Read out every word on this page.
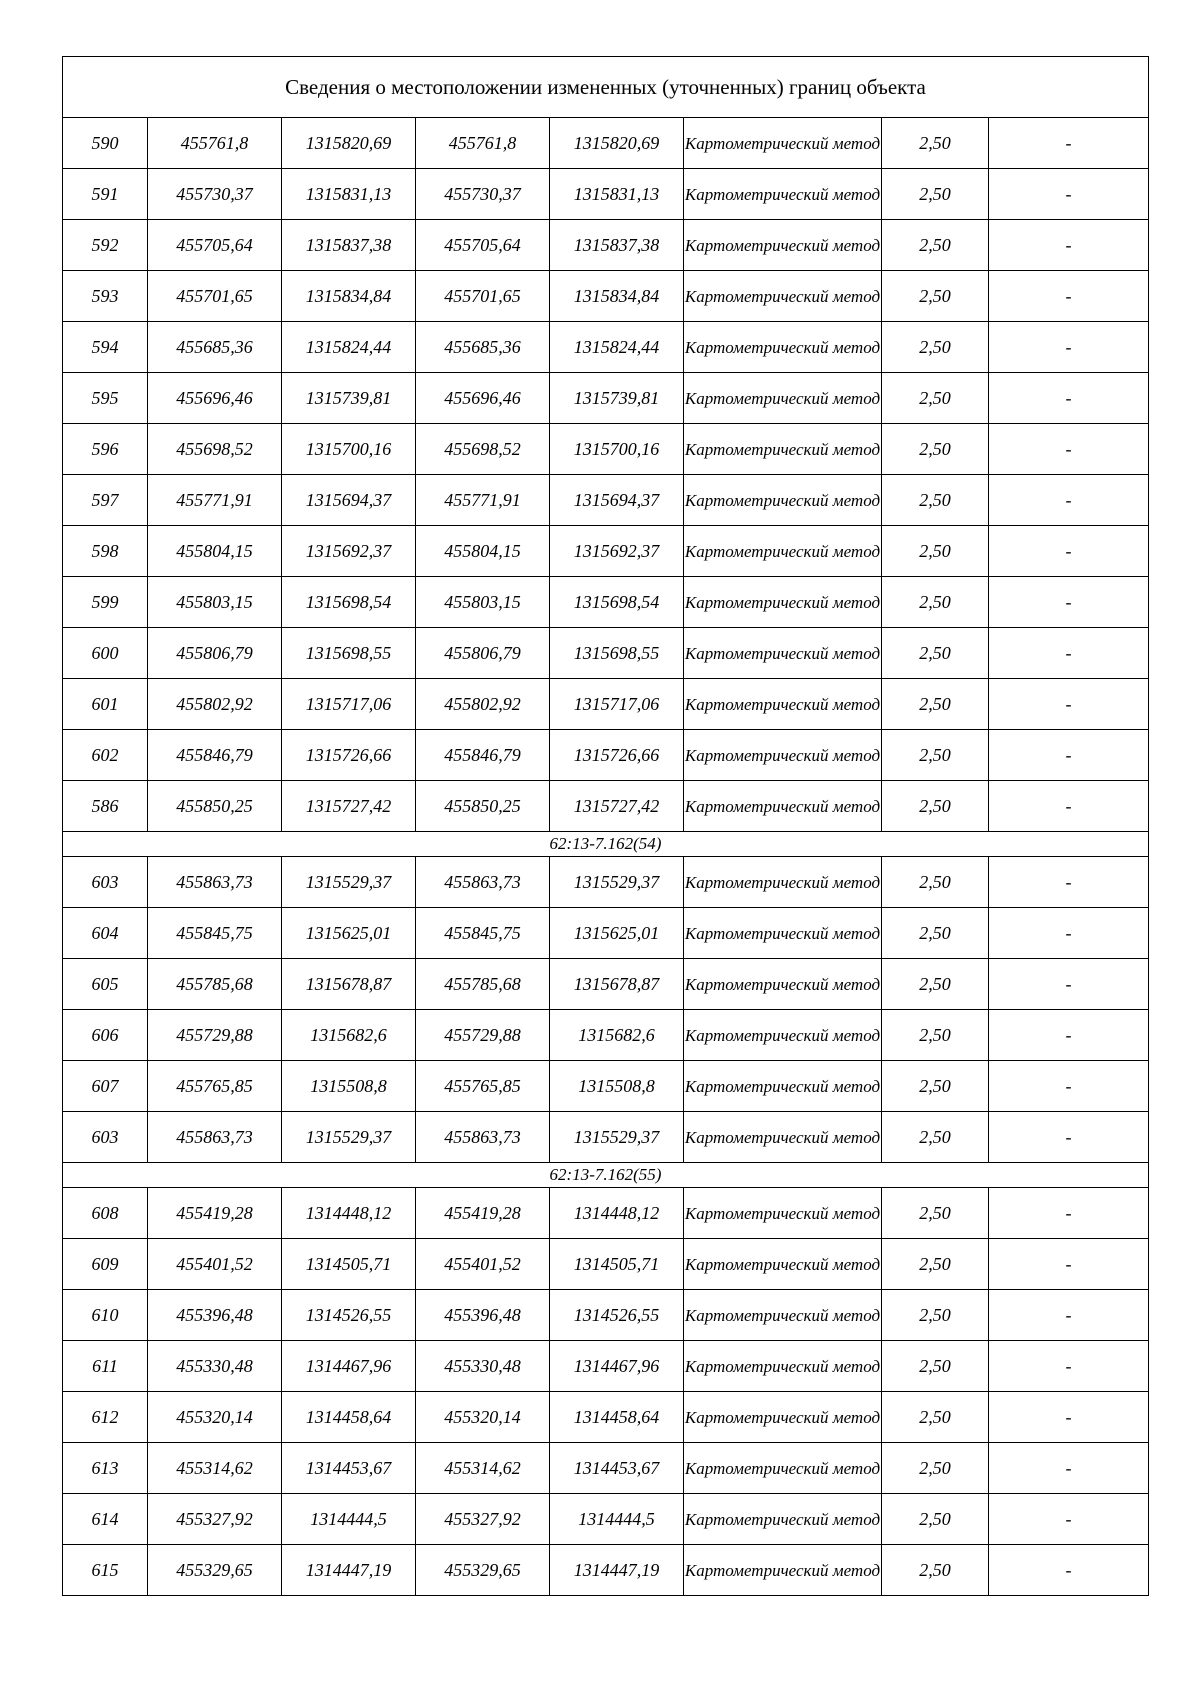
Сведения о местоположении измененных (уточненных) границ объекта							
590	455761,8	1315820,69	455761,8	1315820,69	Картометрический метод	2,50	-
591	455730,37	1315831,13	455730,37	1315831,13	Картометрический метод	2,50	-
592	455705,64	1315837,38	455705,64	1315837,38	Картометрический метод	2,50	-
593	455701,65	1315834,84	455701,65	1315834,84	Картометрический метод	2,50	-
594	455685,36	1315824,44	455685,36	1315824,44	Картометрический метод	2,50	-
595	455696,46	1315739,81	455696,46	1315739,81	Картометрический метод	2,50	-
596	455698,52	1315700,16	455698,52	1315700,16	Картометрический метод	2,50	-
597	455771,91	1315694,37	455771,91	1315694,37	Картометрический метод	2,50	-
598	455804,15	1315692,37	455804,15	1315692,37	Картометрический метод	2,50	-
599	455803,15	1315698,54	455803,15	1315698,54	Картометрический метод	2,50	-
600	455806,79	1315698,55	455806,79	1315698,55	Картометрический метод	2,50	-
601	455802,92	1315717,06	455802,92	1315717,06	Картометрический метод	2,50	-
602	455846,79	1315726,66	455846,79	1315726,66	Картометрический метод	2,50	-
586	455850,25	1315727,42	455850,25	1315727,42	Картометрический метод	2,50	-
62:13-7.162(54)							
603	455863,73	1315529,37	455863,73	1315529,37	Картометрический метод	2,50	-
604	455845,75	1315625,01	455845,75	1315625,01	Картометрический метод	2,50	-
605	455785,68	1315678,87	455785,68	1315678,87	Картометрический метод	2,50	-
606	455729,88	1315682,6	455729,88	1315682,6	Картометрический метод	2,50	-
607	455765,85	1315508,8	455765,85	1315508,8	Картометрический метод	2,50	-
603	455863,73	1315529,37	455863,73	1315529,37	Картометрический метод	2,50	-
62:13-7.162(55)							
608	455419,28	1314448,12	455419,28	1314448,12	Картометрический метод	2,50	-
609	455401,52	1314505,71	455401,52	1314505,71	Картометрический метод	2,50	-
610	455396,48	1314526,55	455396,48	1314526,55	Картометрический метод	2,50	-
611	455330,48	1314467,96	455330,48	1314467,96	Картометрический метод	2,50	-
612	455320,14	1314458,64	455320,14	1314458,64	Картометрический метод	2,50	-
613	455314,62	1314453,67	455314,62	1314453,67	Картометрический метод	2,50	-
614	455327,92	1314444,5	455327,92	1314444,5	Картометрический метод	2,50	-
615	455329,65	1314447,19	455329,65	1314447,19	Картометрический метод	2,50	-
